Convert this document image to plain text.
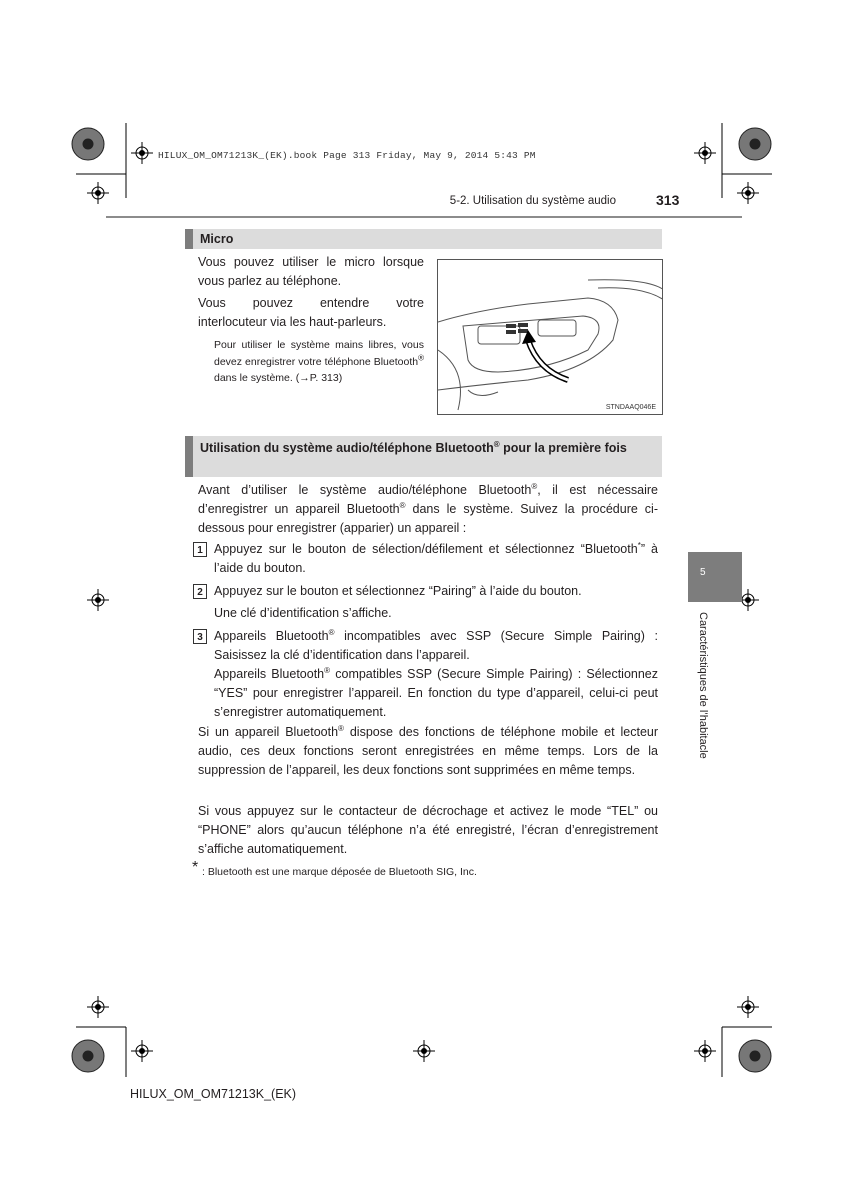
HILUX_OM_OM71213K_(EK).book Page 313 Friday, May 9, 2014 5:43 PM
5-2. Utilisation du système audio	313
Micro
Vous pouvez utiliser le micro lorsque vous parlez au téléphone.
Vous pouvez entendre votre interlocuteur via les haut-parleurs.
Pour utiliser le système mains libres, vous devez enregistrer votre téléphone Bluetooth® dans le système. (→P. 313)
STNDAAQ046E
Utilisation du système audio/téléphone Bluetooth® pour la première fois
Avant d’utiliser le système audio/téléphone Bluetooth®, il est nécessaire d’enregistrer un appareil Bluetooth® dans le système. Suivez la procédure ci-dessous pour enregistrer (apparier) un appareil :
1 Appuyez sur le bouton de sélection/défilement et sélectionnez “Bluetooth*” à l’aide du bouton.
2 Appuyez sur le bouton et sélectionnez “Pairing” à l’aide du bouton.
Une clé d’identification s’affiche.
3 Appareils Bluetooth® incompatibles avec SSP (Secure Simple Pairing) : Saisissez la clé d’identification dans l’appareil.
Appareils Bluetooth® compatibles SSP (Secure Simple Pairing) : Sélectionnez “YES” pour enregistrer l’appareil. En fonction du type d’appareil, celui-ci peut s’enregistrer automatiquement.
Si un appareil Bluetooth® dispose des fonctions de téléphone mobile et lecteur audio, ces deux fonctions seront enregistrées en même temps. Lors de la suppression de l’appareil, les deux fonctions sont supprimées en même temps.
Si vous appuyez sur le contacteur de décrochage et activez le mode “TEL” ou “PHONE” alors qu’aucun téléphone n’a été enregistré, l’écran d’enregistrement s’affiche automatiquement.
* : Bluetooth est une marque déposée de Bluetooth SIG, Inc.
5
Caractéristiques de l’habitacle
HILUX_OM_OM71213K_(EK)
